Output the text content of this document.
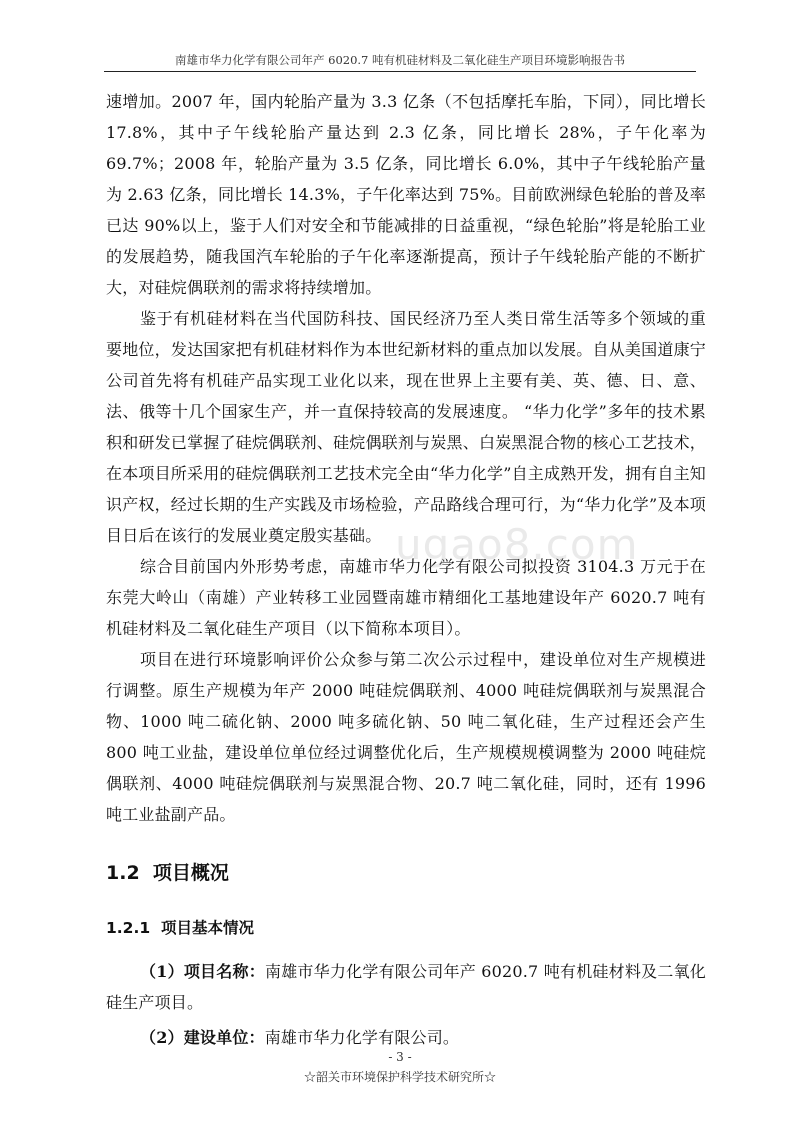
南雄市华力化学有限公司年产 6020.7 吨有机硅材料及二氧化硅生产项目环境影响报告书

速增加。2007 年，国内轮胎产量为 3.3 亿条（不包括摩托车胎，下同），同比增长 17.8%，其中子午线轮胎产量达到 2.3 亿条，同比增长 28%，子午化率为 69.7%；2008 年，轮胎产量为 3.5 亿条，同比增长 6.0%，其中子午线轮胎产量为 2.63 亿条，同比增长 14.3%，子午化率达到 75%。目前欧洲绿色轮胎的普及率已达 90%以上，鉴于人们对安全和节能减排的日益重视，“绿色轮胎”将是轮胎工业的发展趋势，随我国汽车轮胎的子午化率逐渐提高，预计子午线轮胎产能的不断扩大，对硅烷偶联剂的需求将持续增加。

鉴于有机硅材料在当代国防科技、国民经济乃至人类日常生活等多个领域的重要地位，发达国家把有机硅材料作为本世纪新材料的重点加以发展。自从美国道康宁公司首先将有机硅产品实现工业化以来，现在世界上主要有美、英、德、日、意、法、俄等十几个国家生产，并一直保持较高的发展速度。 “华力化学”多年的技术累积和研发已掌握了硅烷偶联剂、硅烷偶联剂与炭黑、白炭黑混合物的核心工艺技术，在本项目所采用的硅烷偶联剂工艺技术完全由“华力化学”自主成熟开发，拥有自主知识产权，经过长期的生产实践及市场检验，产品路线合理可行，为“华力化学”及本项目日后在该行的发展业奠定殷实基础。

综合目前国内外形势考虑，南雄市华力化学有限公司拟投资 3104.3 万元于在东莞大岭山（南雄）产业转移工业园暨南雄市精细化工基地建设年产 6020.7 吨有机硅材料及二氧化硅生产项目（以下简称本项目）。

项目在进行环境影响评价公众参与第二次公示过程中，建设单位对生产规模进行调整。原生产规模为年产 2000 吨硅烷偶联剂、4000 吨硅烷偶联剂与炭黑混合物、1000 吨二硫化钠、2000 吨多硫化钠、50 吨二氧化硅，生产过程还会产生 800 吨工业盐，建设单位单位经过调整优化后，生产规模规模调整为 2000 吨硅烷偶联剂、4000 吨硅烷偶联剂与炭黑混合物、20.7 吨二氧化硅，同时，还有 1996 吨工业盐副产品。

1.2 项目概况
1.2.1 项目基本情况

（1）项目名称：南雄市华力化学有限公司年产 6020.7 吨有机硅材料及二氧化硅生产项目。

（2）建设单位：南雄市华力化学有限公司。

ugao8.com
- 3 -
☆韶关市环境保护科学技术研究所☆
